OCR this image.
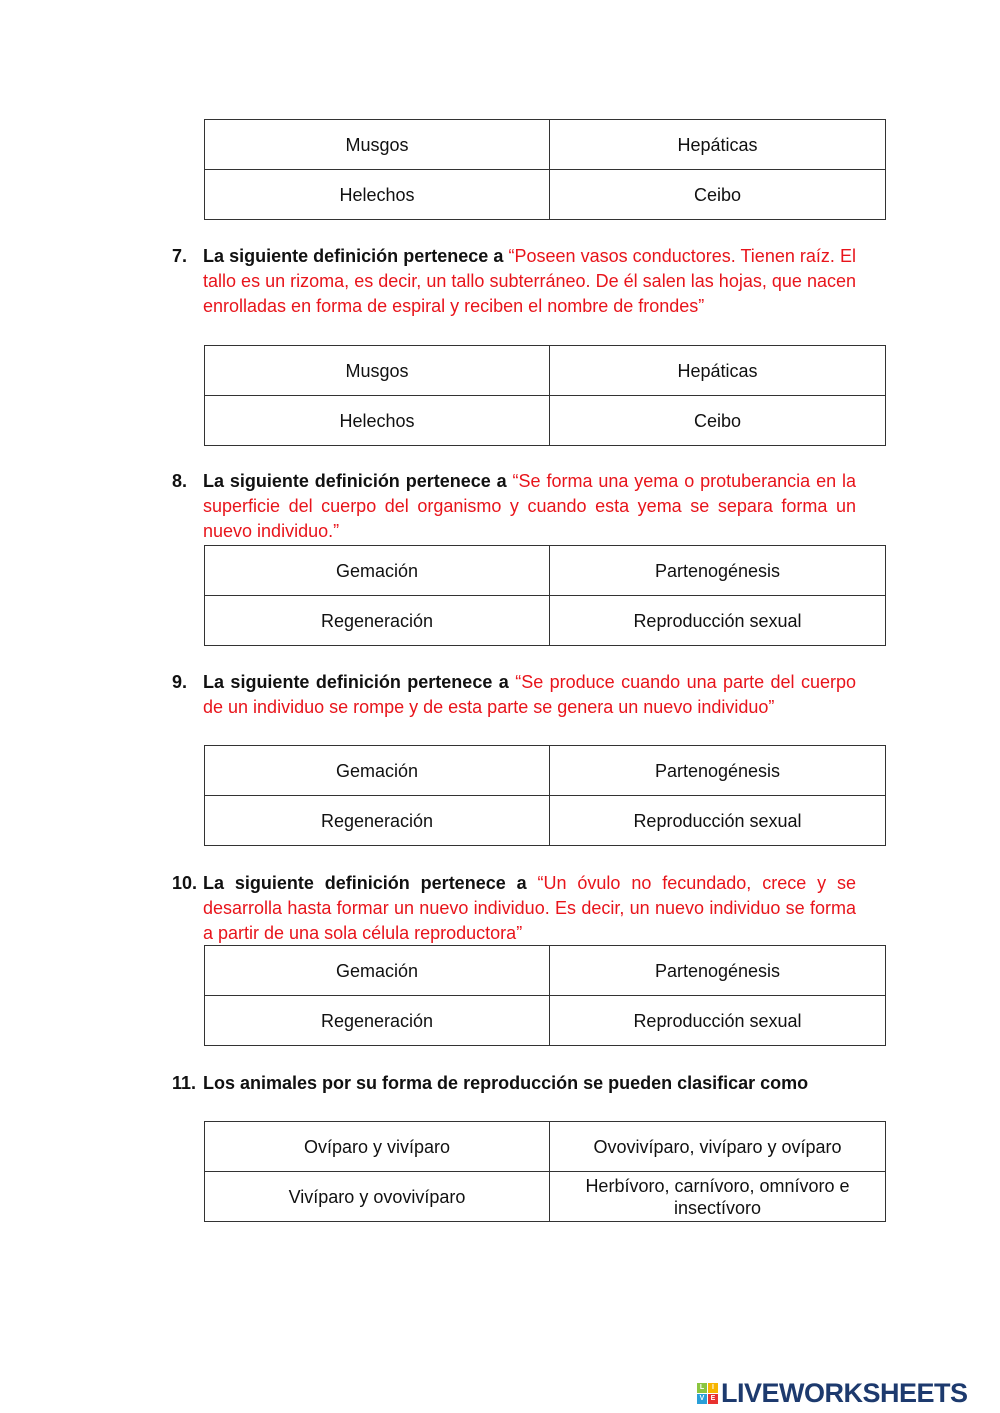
Musgos	Hepáticas
Helechos	Ceibo
7. La siguiente definición pertenece a “Poseen vasos conductores. Tienen raíz. El tallo es un rizoma, es decir, un tallo subterráneo. De él salen las hojas, que nacen enrolladas en forma de espiral y reciben el nombre de frondes”
Musgos	Hepáticas
Helechos	Ceibo
8. La siguiente definición pertenece a “Se forma una yema o protuberancia en la superficie del cuerpo del organismo y cuando esta yema se separa forma un nuevo individuo.”
Gemación	Partenogénesis
Regeneración	Reproducción sexual
9. La siguiente definición pertenece a “Se produce cuando una parte del cuerpo de un individuo se rompe y de esta parte se genera un nuevo individuo”
Gemación	Partenogénesis
Regeneración	Reproducción sexual
10. La siguiente definición pertenece a “Un óvulo no fecundado, crece y se desarrolla hasta formar un nuevo individuo. Es decir, un nuevo individuo se forma a partir de una sola célula reproductora”
Gemación	Partenogénesis
Regeneración	Reproducción sexual
11. Los animales por su forma de reproducción se pueden clasificar como
Ovíparo y vivíparo	Ovovivíparo, vivíparo y ovíparo
Vivíparo y ovovivíparo	Herbívoro, carnívoro, omnívoro e insectívoro
L	I
V E LIVEWORKSHEETS
